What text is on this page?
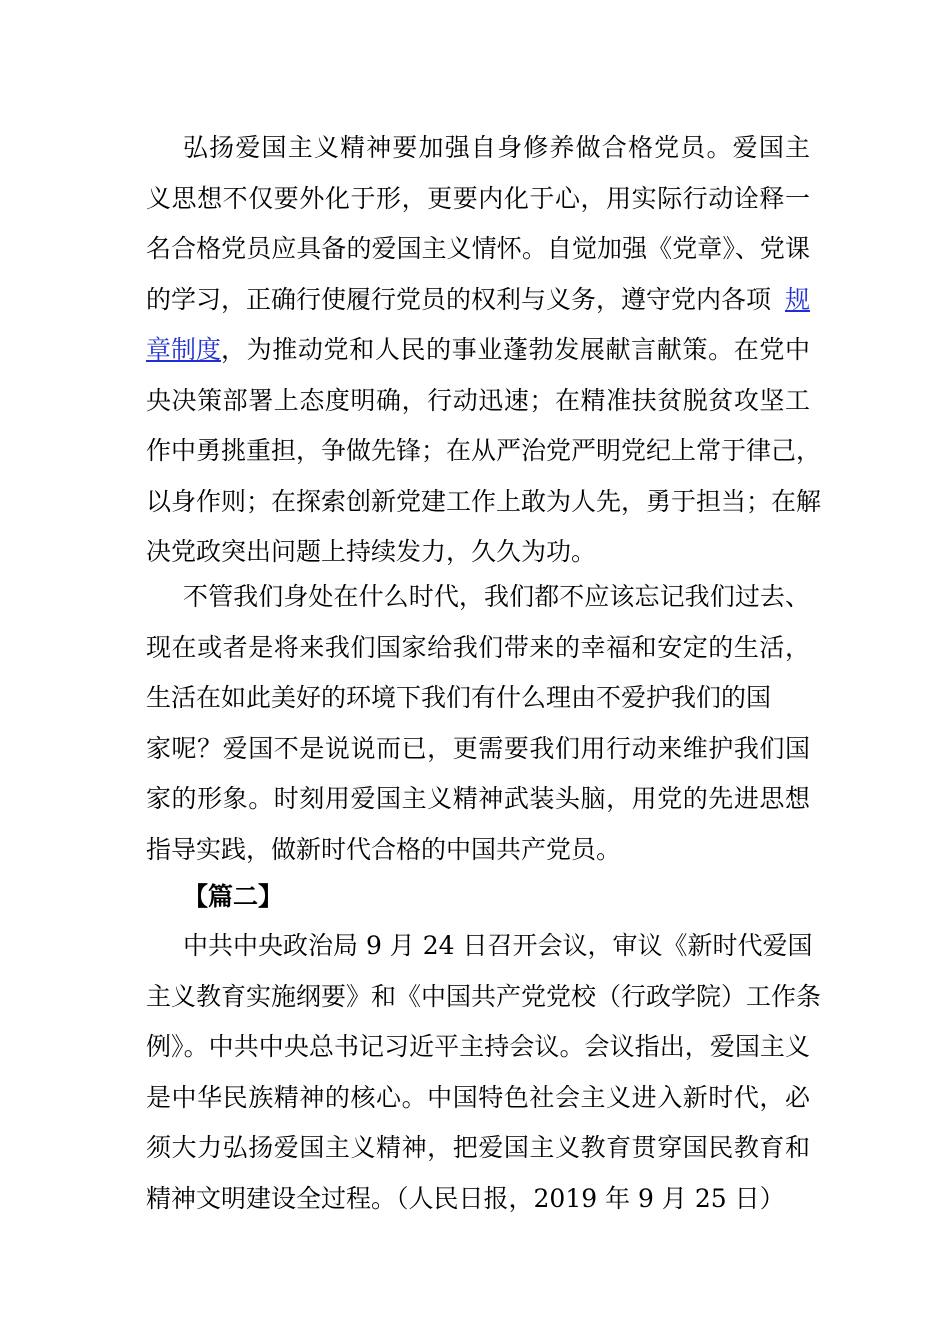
弘扬爱国主义精神要加强自身修养做合格党员。爱国主
义思想不仅要外化于形，更要内化于心，用实际行动诠释一
名合格党员应具备的爱国主义情怀。自觉加强《党章》、党课
的学习，正确行使履行党员的权利与义务，遵守党内各项 规
章制度 ，为推动党和人民的事业蓬勃发展献言献策。在党中
央决策部署上态度明确，行动迅速；在精准扶贫脱贫攻坚工
作中勇挑重担，争做先锋；在从严治党严明党纪上常于律己，
以身作则；在探索创新党建工作上敢为人先，勇于担当；在解
决党政突出问题上持续发力，久久为功。
不管我们身处在什么时代，我们都不应该忘记我们过去、
现在或者是将来我们国家给我们带来的幸福和安定的生活，
生活在如此美好的环境下我们有什么理由不爱护我们的国
家呢？爱国不是说说而已，更需要我们用行动来维护我们国
家的形象。时刻用爱国主义精神武装头脑，用党的先进思想
指导实践，做新时代合格的中国共产党员。
【篇二】
中共中央政治局 9 月 24 日召开会议，审议《新时代爱国
主义教育实施纲要》和《中国共产党党校（行政学院）工作条
例》。中共中央总书记习近平主持会议。会议指出，爱国主义
是中华民族精神的核心。中国特色社会主义进入新时代，必
须大力弘扬爱国主义精神，把爱国主义教育贯穿国民教育和
精神文明建设全过程。（人民日报，2019 年 9 月 25 日）
